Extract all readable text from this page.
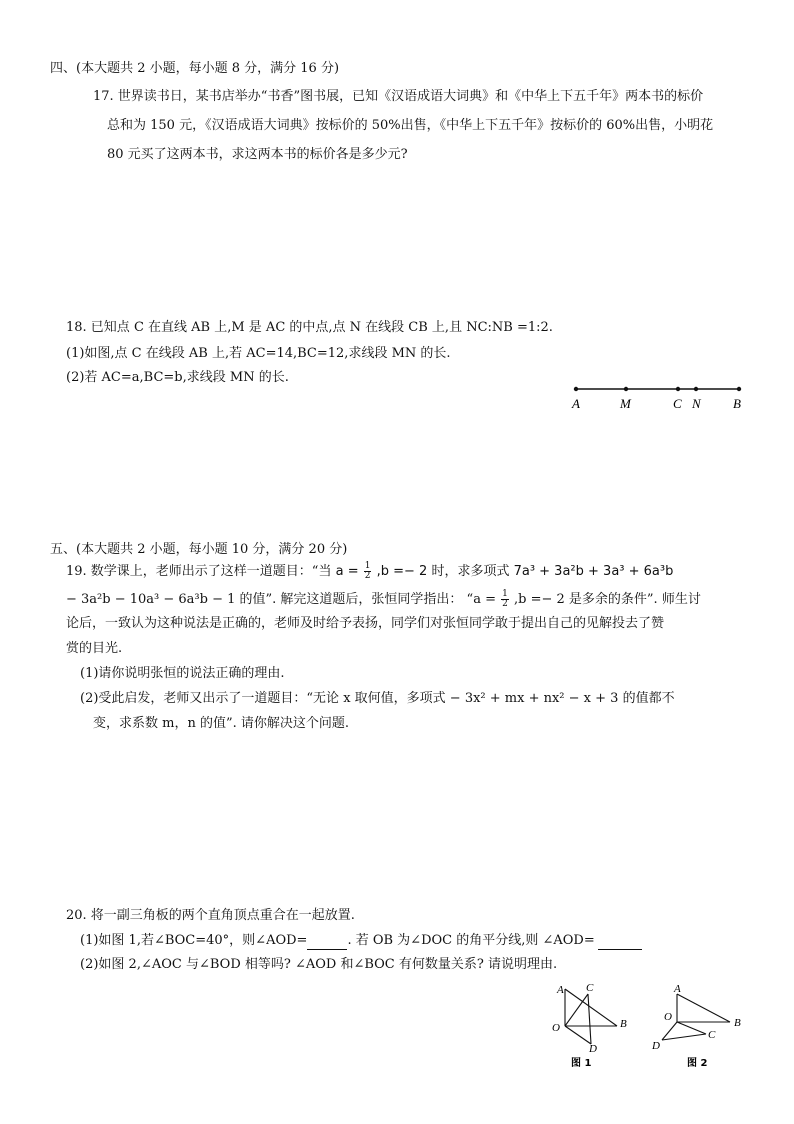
四、(本大题共 2 小题，每小题 8 分，满分 16 分)
17. 世界读书日，某书店举办“书香”图书展，已知《汉语成语大词典》和《中华上下五千年》两本书的标价
总和为 150 元，《汉语成语大词典》按标价的 50%出售，《中华上下五千年》按标价的 60%出售，小明花
80 元买了这两本书，求这两本书的标价各是多少元?
18. 已知点 C 在直线 AB 上,M 是 AC 的中点,点 N 在线段 CB 上,且 NC:NB =1:2.
(1)如图,点 C 在线段 AB 上,若 AC=14,BC=12,求线段 MN 的长.
(2)若 AC=a,BC=b,求线段 MN 的长.
A	M	C N B
五、(本大题共 2 小题，每小题 10 分，满分 20 分)
19. 数学课上，老师出示了这样一道题目：“当 $a = \frac{1}{2} ,b =- 2$ 时，求多项式 7a³ + 3a²b + 3a³ + 6a³b
− 3a²b − 10a³ − 6a³b − 1 的值”. 解完这道题后，张恒同学指出： “$a = \frac{1}{2} ,b =- 2$ 是多余的条件”. 师生讨
论后，一致认为这种说法是正确的，老师及时给予表扬，同学们对张恒同学敢于提出自己的见解投去了赞
赏的目光.
(1)请你说明张恒的说法正确的理由.
(2)受此启发，老师又出示了一道题目：“无论 x 取何值，多项式 − 3x² + mx + nx² − x + 3 的值都不
变，求系数 m，n 的值”. 请你解决这个问题.
20. 将一副三角板的两个直角顶点重合在一起放置.
(1)如图 1,若∠BOC=40°，则∠AOD=	. 若 OB 为∠DOC 的角平分线,则 ∠AOD=
(2)如图 2,∠AOC 与∠BOD 相等吗? ∠AOD 和∠BOC 有何数量关系? 请说明理由.
A C
O	B
D
图 1
A
O	B
C
D
图 2
